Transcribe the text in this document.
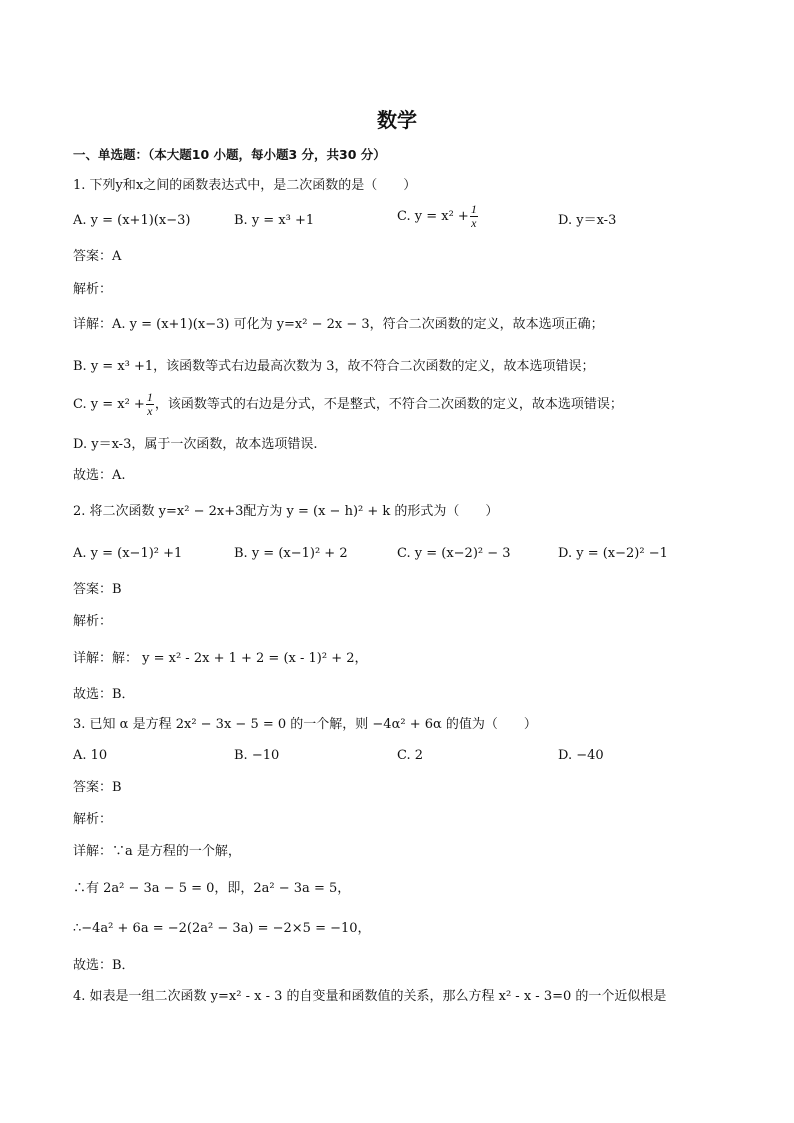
数学
一、单选题：（本大题10 小题，每小题3 分，共30 分）
1. 下列y和x之间的函数表达式中，是二次函数的是（　　）
A. y = (x+1)(x−3)	B. y = x³ +1	C. $y = x^2 + \frac{1}{x}$	D. y＝x-3
答案：A
解析：
详解：A. y = (x+1)(x−3) 可化为 y=x² − 2x − 3，符合二次函数的定义，故本选项正确；
B. y = x³ +1，该函数等式右边最高次数为 3，故不符合二次函数的定义，故本选项错误；
C. $y = x^2 + \frac{1}{x}$ ，该函数等式的右边是分式，不是整式，不符合二次函数的定义，故本选项错误；
D. y＝x-3，属于一次函数，故本选项错误.
故选：A.
2. 将二次函数 y=x² − 2x+3配方为 y = (x − h)² + k 的形式为（　　）
A. y = (x−1)² +1	B. y = (x−1)² + 2	C. y = (x−2)² − 3	D. y = (x−2)² −1
答案：B
解析：
详解：解： y = x² - 2x + 1 + 2 = (x - 1)² + 2，
故选：B．
3. 已知 α 是方程 2x² − 3x − 5 = 0 的一个解，则 −4α² + 6α 的值为（　　）
A. 10	B. −10	C. 2	D. −40
答案：B
解析：
详解：∵a 是方程的一个解，
∴有 2a² − 3a − 5 = 0，即，2a² − 3a = 5，
∴−4a² + 6a = −2(2a² − 3a) = −2×5 = −10，
故选：B．
4. 如表是一组二次函数 y=x² - x - 3 的自变量和函数值的关系，那么方程 x² - x - 3=0 的一个近似根是
